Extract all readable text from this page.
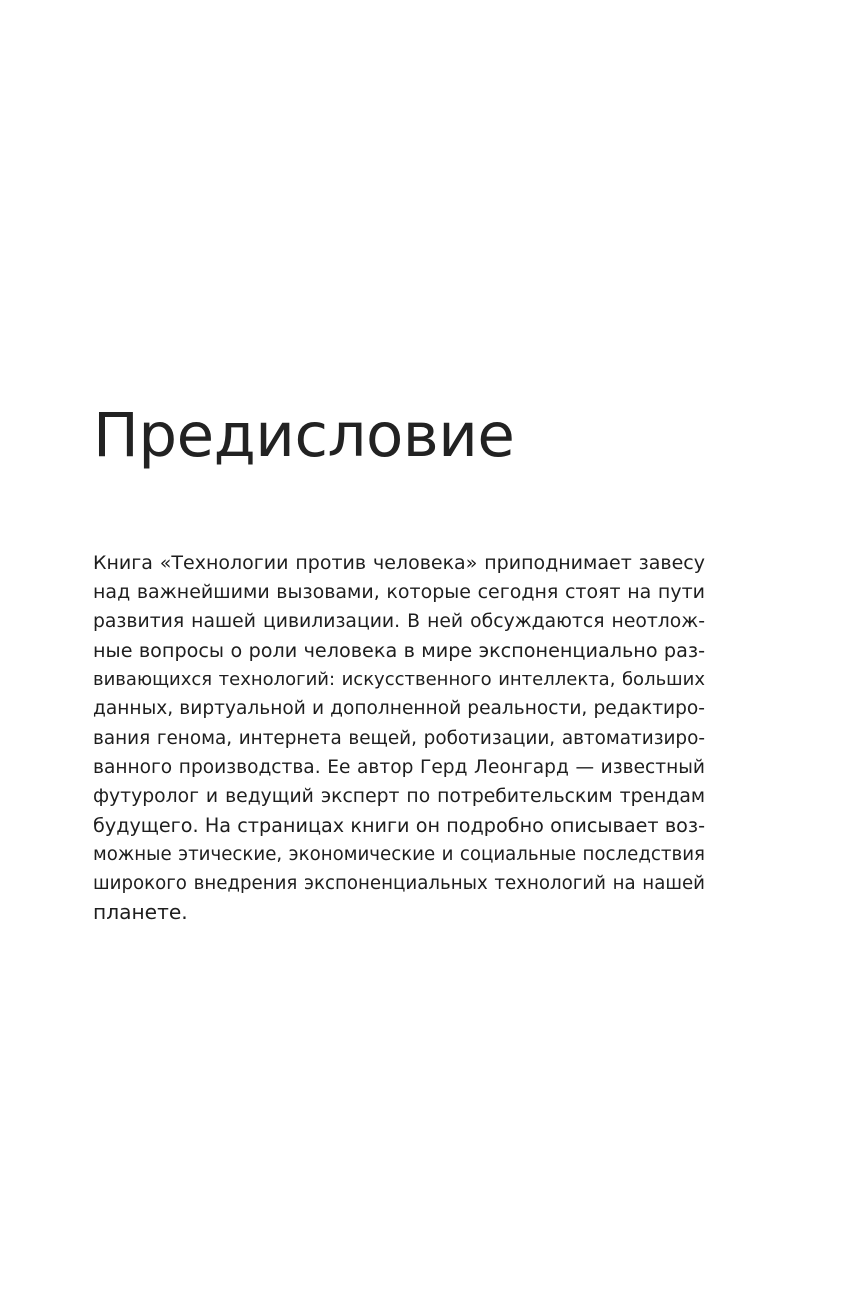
Предисловие
Книга «Технологии против человека» приподнимает завесу
над важнейшими вызовами, которые сегодня стоят на пути
развития нашей цивилизации. В ней обсуждаются неотлож-
ные вопросы о роли человека в мире экспоненциально раз-
вивающихся технологий: искусственного интеллекта, больших
данных, виртуальной и дополненной реальности, редактиро-
вания генома, интернета вещей, роботизации, автоматизиро-
ванного производства. Ее автор Герд Леонгард — известный
футуролог и ведущий эксперт по потребительским трендам
будущего. На страницах книги он подробно описывает воз-
можные этические, экономические и социальные последствия
широкого внедрения экспоненциальных технологий на нашей
планете.
